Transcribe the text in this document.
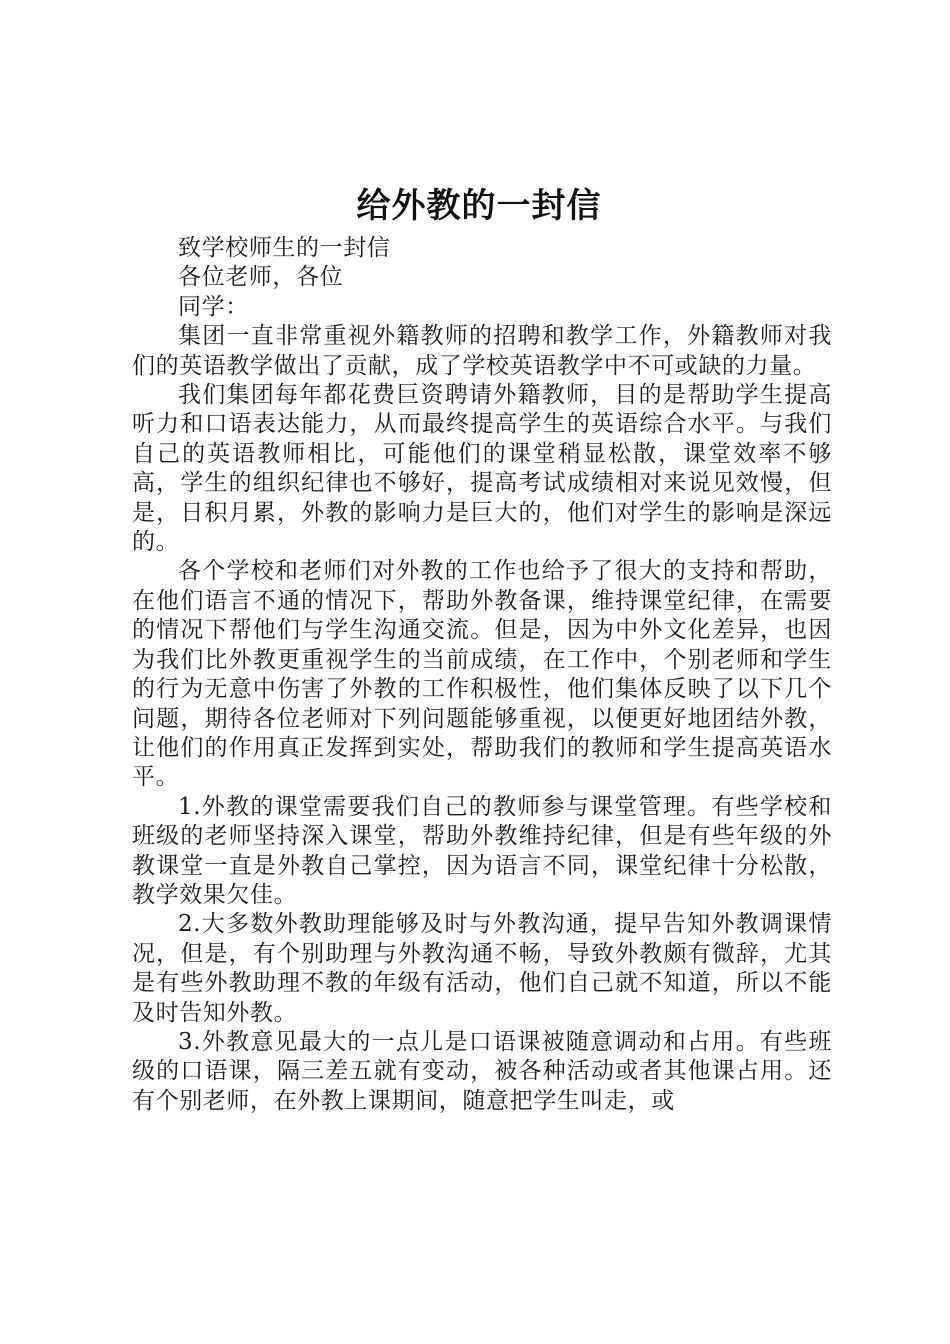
给外教的一封信

致学校师生的一封信

各位老师，各位

同学：

集团一直非常重视外籍教师的招聘和教学工作，外籍教师对我们的英语教学做出了贡献，成了学校英语教学中不可或缺的力量。

我们集团每年都花费巨资聘请外籍教师，目的是帮助学生提高听力和口语表达能力，从而最终提高学生的英语综合水平。与我们自己的英语教师相比，可能他们的课堂稍显松散，课堂效率不够高，学生的组织纪律也不够好，提高考试成绩相对来说见效慢，但是，日积月累，外教的影响力是巨大的，他们对学生的影响是深远的。

各个学校和老师们对外教的工作也给予了很大的支持和帮助，在他们语言不通的情况下，帮助外教备课，维持课堂纪律，在需要的情况下帮他们与学生沟通交流。但是，因为中外文化差异，也因为我们比外教更重视学生的当前成绩，在工作中，个别老师和学生的行为无意中伤害了外教的工作积极性，他们集体反映了以下几个问题，期待各位老师对下列问题能够重视，以便更好地团结外教，让他们的作用真正发挥到实处，帮助我们的教师和学生提高英语水平。

1.外教的课堂需要我们自己的教师参与课堂管理。有些学校和班级的老师坚持深入课堂，帮助外教维持纪律，但是有些年级的外教课堂一直是外教自己掌控，因为语言不同，课堂纪律十分松散，教学效果欠佳。

2.大多数外教助理能够及时与外教沟通，提早告知外教调课情况，但是，有个别助理与外教沟通不畅，导致外教颇有微辞，尤其是有些外教助理不教的年级有活动，他们自己就不知道，所以不能及时告知外教。

3.外教意见最大的一点儿是口语课被随意调动和占用。有些班级的口语课，隔三差五就有变动，被各种活动或者其他课占用。还有个别老师，在外教上课期间，随意把学生叫走，或
